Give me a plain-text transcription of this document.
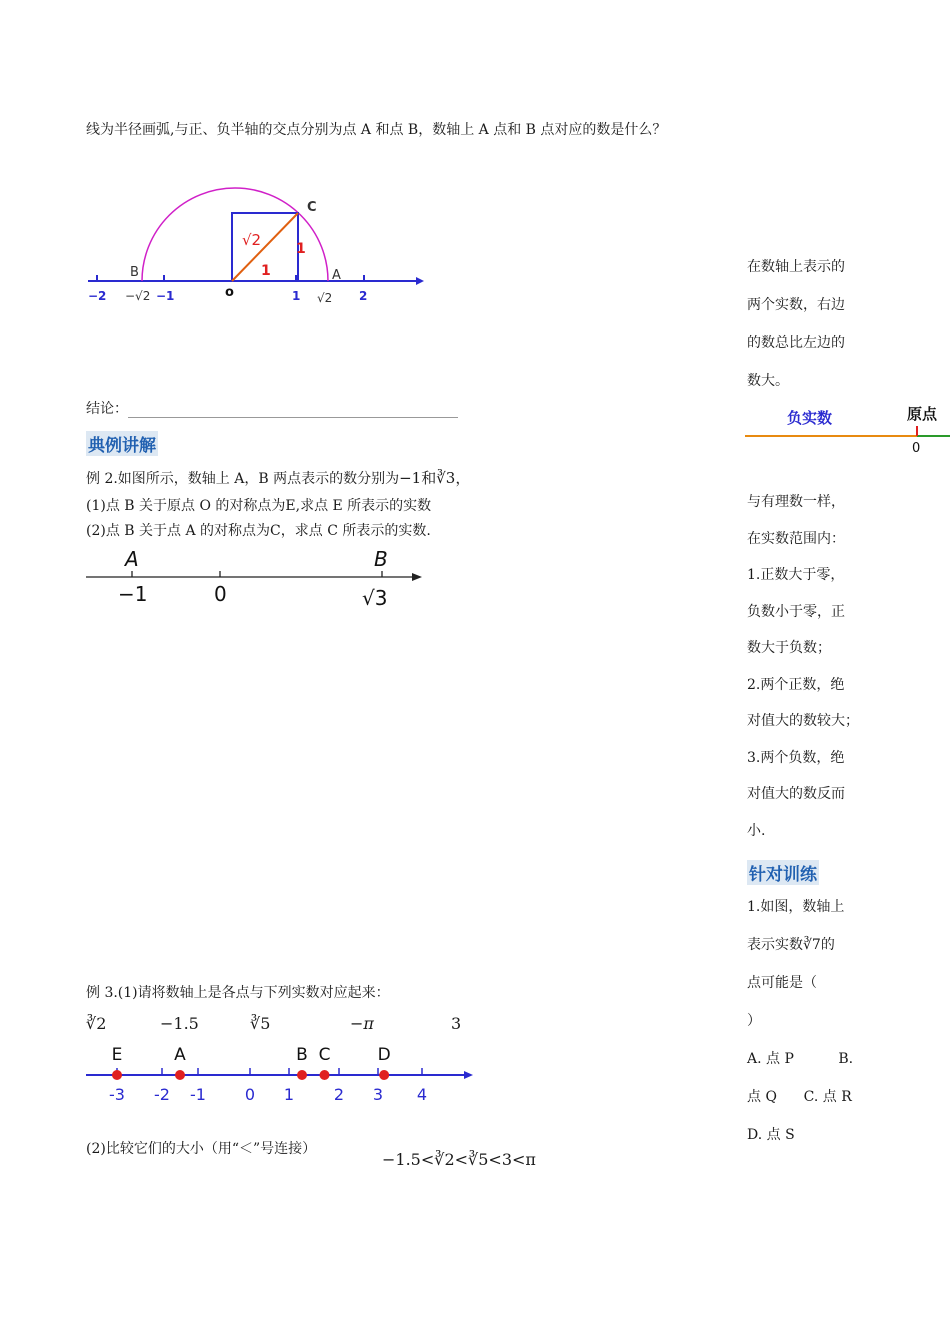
线为半径画弧,与正、负半轴的交点分别为点 A 和点 B，数轴上 A 点和 B 点对应的数是什么？
C
B	A
o
√2 1
1
−2 −√2 −1	1 √2 2
结论：
典例讲解
例 2.如图所示，数轴上 A，B 两点表示的数分别为−1和∛3，
(1)点 B 关于原点 O 的对称点为E,求点 E 所表示的实数
(2)点 B 关于点 A 的对称点为C，求点 C 所表示的实数.
A	B
−1	0	√3
例 3.(1)请将数轴上是各点与下列实数对应起来：
∛2	−1.5	∛5	−π	3
-3 -2 -1 0 1 2 3 4
E	A	B C	D
(2)比较它们的大小（用“＜”号连接）
−1.5<∛2<∛5<3<π
在数轴上表示的
两个实数，右边
的数总比左边的
数大。
负实数	原点
0
与有理数一样，
在实数范围内：
1.正数大于零，
负数小于零，正
数大于负数；
2.两个正数，绝
对值大的数较大；
3.两个负数，绝
对值大的数反而
小.
针对训练
1.如图，数轴上
表示实数∛7的
点可能是（
）
A. 点 P          B.
点 Q      C. 点 R
D. 点 S
